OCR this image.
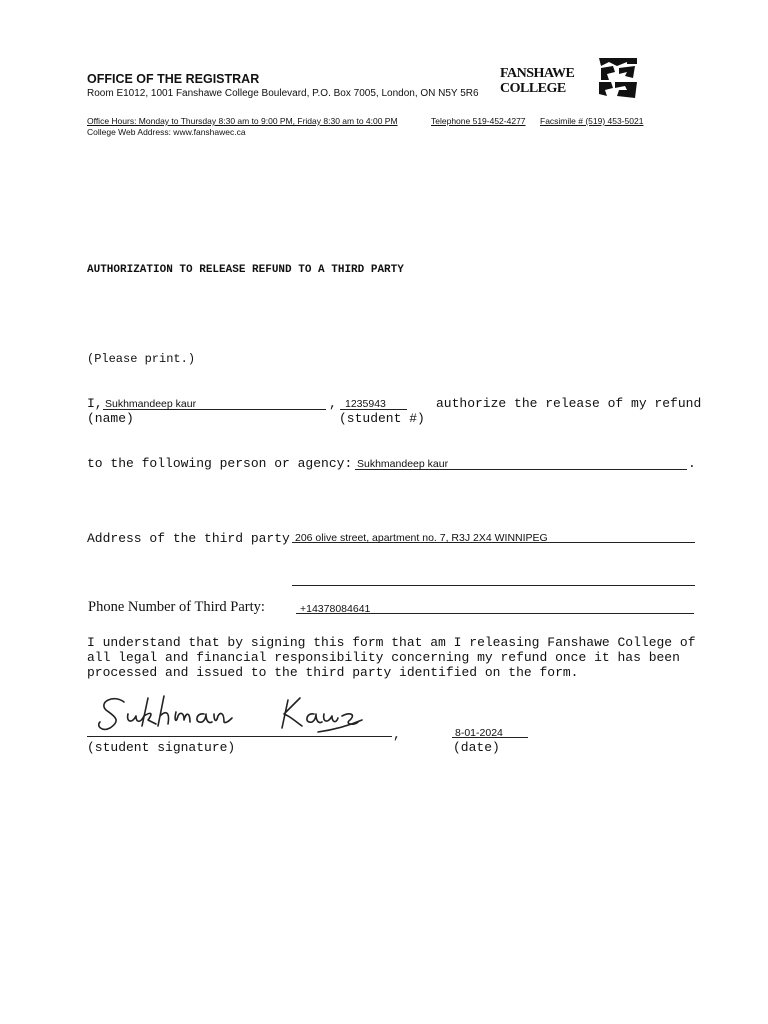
OFFICE OF THE REGISTRAR
Room E1012, 1001 Fanshawe College Boulevard, P.O. Box 7005, London, ON N5Y 5R6
Office Hours: Monday to Thursday 8:30 am to 9:00 PM, Friday 8:30 am to 4:00 PM	Telephone 519-452-4277 Facsimile # (519) 453-5021
College Web Address: www.fanshawec.ca
FANSHAWE
COLLEGE
AUTHORIZATION TO RELEASE REFUND TO A THIRD PARTY
(Please print.)
I, Sukhmandeep kaur	, 1235943	authorize the release of my refund
(name)	(student #)
to the following person or agency: Sukhmandeep kaur	.
Address of the third party 206 olive street, apartment no. 7, R3J 2X4 WINNIPEG
Phone Number of Third Party:	+14378084641
I understand that by signing this form that am I releasing Fanshawe College of
all legal and financial responsibility concerning my refund once it has been
processed and issued to the third party identified on the form.
,
(student signature)
8-01-2024
(date)
